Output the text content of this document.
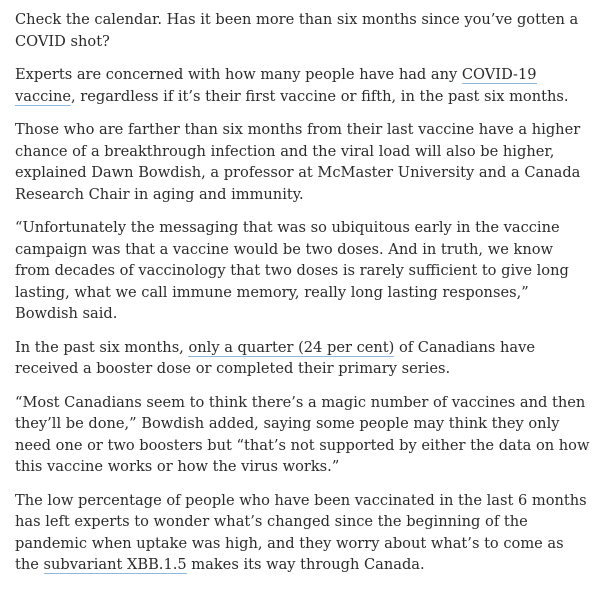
Check the calendar. Has it been more than six months since you’ve gotten a COVID shot?

Experts are concerned with how many people have had any COVID-19 vaccine, regardless if it’s their first vaccine or fifth, in the past six months.

Those who are farther than six months from their last vaccine have a higher chance of a breakthrough infection and the viral load will also be higher, explained Dawn Bowdish, a professor at McMaster University and a Canada Research Chair in aging and immunity.

“Unfortunately the messaging that was so ubiquitous early in the vaccine campaign was that a vaccine would be two doses. And in truth, we know from decades of vaccinology that two doses is rarely sufficient to give long lasting, what we call immune memory, really long lasting responses,” Bowdish said.

In the past six months, only a quarter (24 per cent) of Canadians have received a booster dose or completed their primary series.

“Most Canadians seem to think there’s a magic number of vaccines and then they’ll be done,” Bowdish added, saying some people may think they only need one or two boosters but “that’s not supported by either the data on how this vaccine works or how the virus works.”

The low percentage of people who have been vaccinated in the last 6 months has left experts to wonder what’s changed since the beginning of the pandemic when uptake was high, and they worry about what’s to come as the subvariant XBB.1.5 makes its way through Canada.
